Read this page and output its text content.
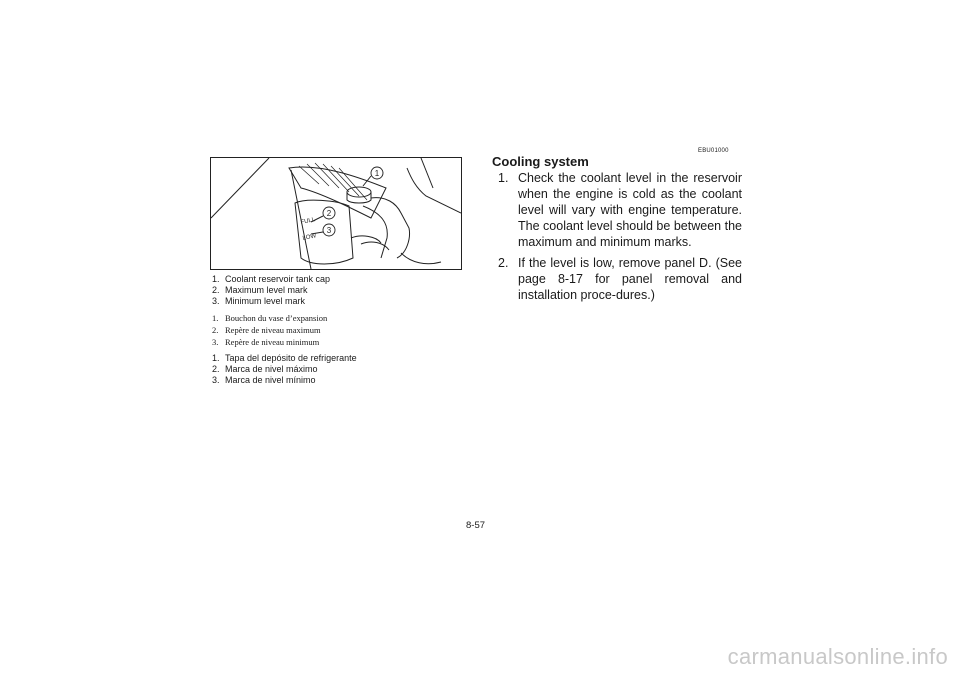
1
2
3
FULL
LOW
1. Coolant reservoir tank cap
2. Maximum level mark
3. Minimum level mark
1. Bouchon du vase d’expansion
2. Repère de niveau maximum
3. Repère de niveau minimum
1. Tapa del depósito de refrigerante
2. Marca de nivel máximo
3. Marca de nivel mínimo
EBU01000
Cooling system
1. Check the coolant level in the reservoir when the engine is cold as the coolant level will vary with engine temperature. The coolant level should be between the maximum and minimum marks.
2. If the level is low, remove panel D. (See page 8-17 for panel removal and installation proce-dures.)
8-57
carmanualsonline.info
